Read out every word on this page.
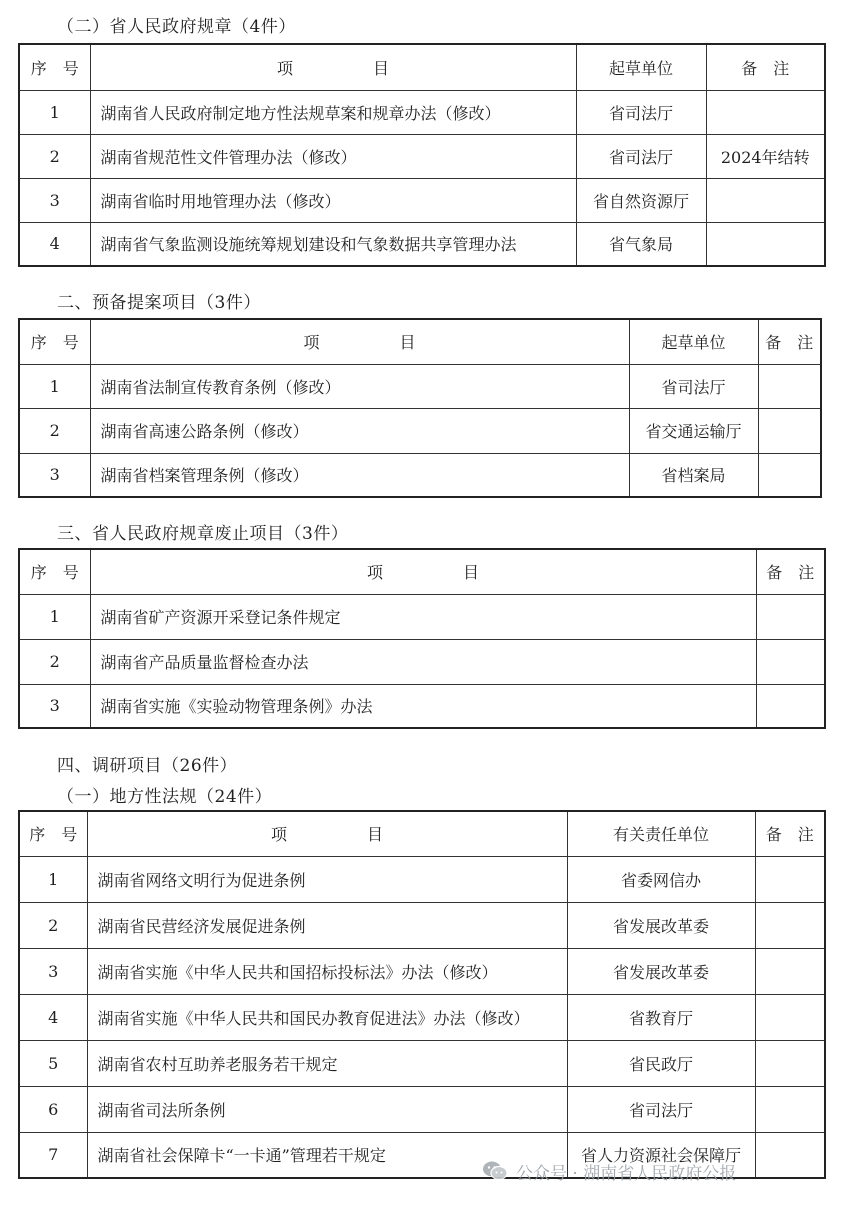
（二）省人民政府规章（4件）
序　号	项　　　　　目	起草单位	备　注
1	湖南省人民政府制定地方性法规草案和规章办法（修改）	省司法厅	
2	湖南省规范性文件管理办法（修改）	省司法厅	2024年结转
3	湖南省临时用地管理办法（修改）	省自然资源厅	
4	湖南省气象监测设施统筹规划建设和气象数据共享管理办法	省气象局	
二、预备提案项目（3件）
序　号	项　　　　　目	起草单位	备　注
1	湖南省法制宣传教育条例（修改）	省司法厅	
2	湖南省高速公路条例（修改）	省交通运输厅	
3	湖南省档案管理条例（修改）	省档案局	
三、省人民政府规章废止项目（3件）
序　号	项　　　　　目	备　注
1	湖南省矿产资源开采登记条件规定	
2	湖南省产品质量监督检查办法	
3	湖南省实施《实验动物管理条例》办法	
四、调研项目（26件）
（一）地方性法规（24件）
序　号	项　　　　　目	有关责任单位	备　注
1	湖南省网络文明行为促进条例	省委网信办	
2	湖南省民营经济发展促进条例	省发展改革委	
3	湖南省实施《中华人民共和国招标投标法》办法（修改）	省发展改革委	
4	湖南省实施《中华人民共和国民办教育促进法》办法（修改）	省教育厅	
5	湖南省农村互助养老服务若干规定	省民政厅	
6	湖南省司法所条例	省司法厅	
7	湖南省社会保障卡“一卡通”管理若干规定	省人力资源社会保障厅	
公众号 · 湖南省人民政府公报
